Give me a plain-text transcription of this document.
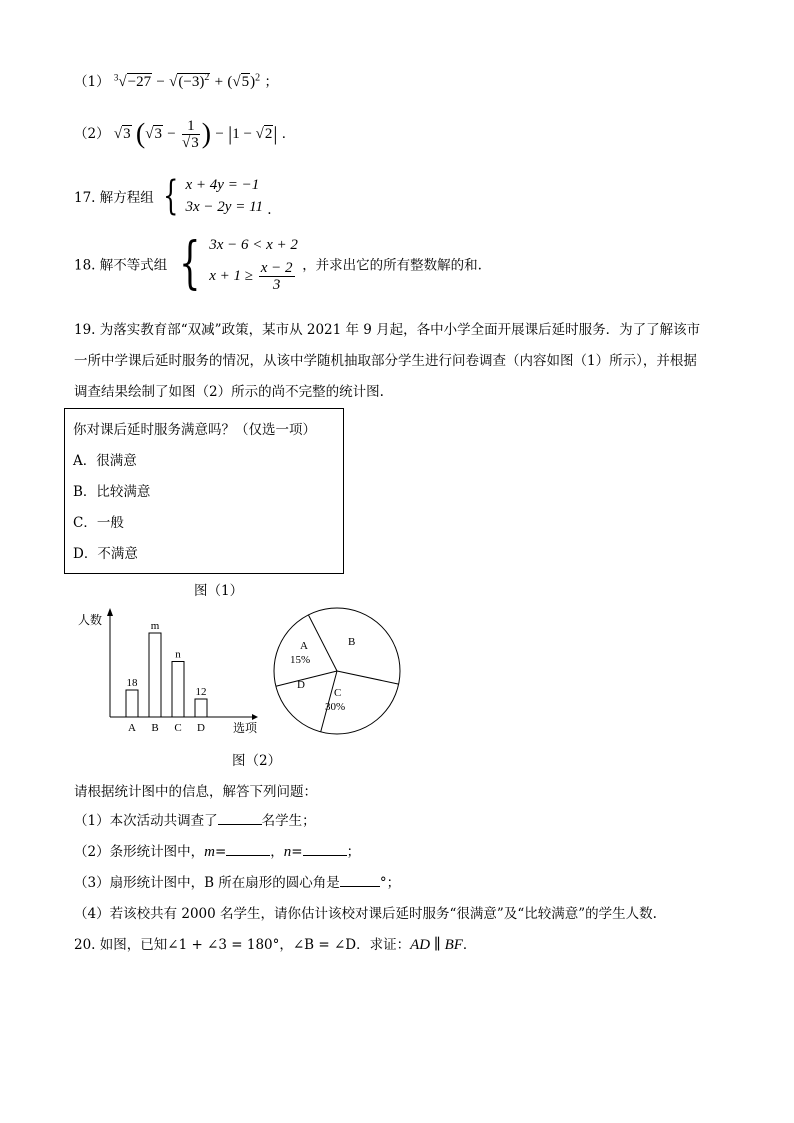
（1） $^3√-27 - √(-3)^2 + (√5)^2$ ；
（2） √3 ($√3 - \frac{1}{√3}$ ) − |1 − √2| ．
17. 解方程组 { x + 4y = −1
3x − 2y = 11 .
18. 解不等式组 { 3x − 6 < x + 2
$x + 1 \ge \frac{x - 2}{3}$ ，并求出它的所有整数解的和.
19. 为落实教育部“双减”政策，某市从 2021 年 9 月起，各中小学全面开展课后延时服务．为了了解该市
一所中学课后延时服务的情况，从该中学随机抽取部分学生进行问卷调查（内容如图（1）所示），并根据
调查结果绘制了如图（2）所示的尚不完整的统计图.
你对课后延时服务满意吗？（仅选一项）
A．很满意
B．比较满意
C．一般
D．不满意
图（1）
人数
选项
18
A
m
B
n
C
12
D
B
A
15%
D
C
30%
图（2）
请根据统计图中的信息，解答下列问题：
（1）本次活动共调查了	名学生；
（2）条形统计图中，m=	，n=	；
（3）扇形统计图中，B 所在扇形的圆心角是	°；
（4）若该校共有 2000 名学生，请你估计该校对课后延时服务“很满意”及“比较满意”的学生人数.
20. 如图，已知∠1 + ∠3 = 180°，∠B = ∠D．求证：AD ∥ BF．
